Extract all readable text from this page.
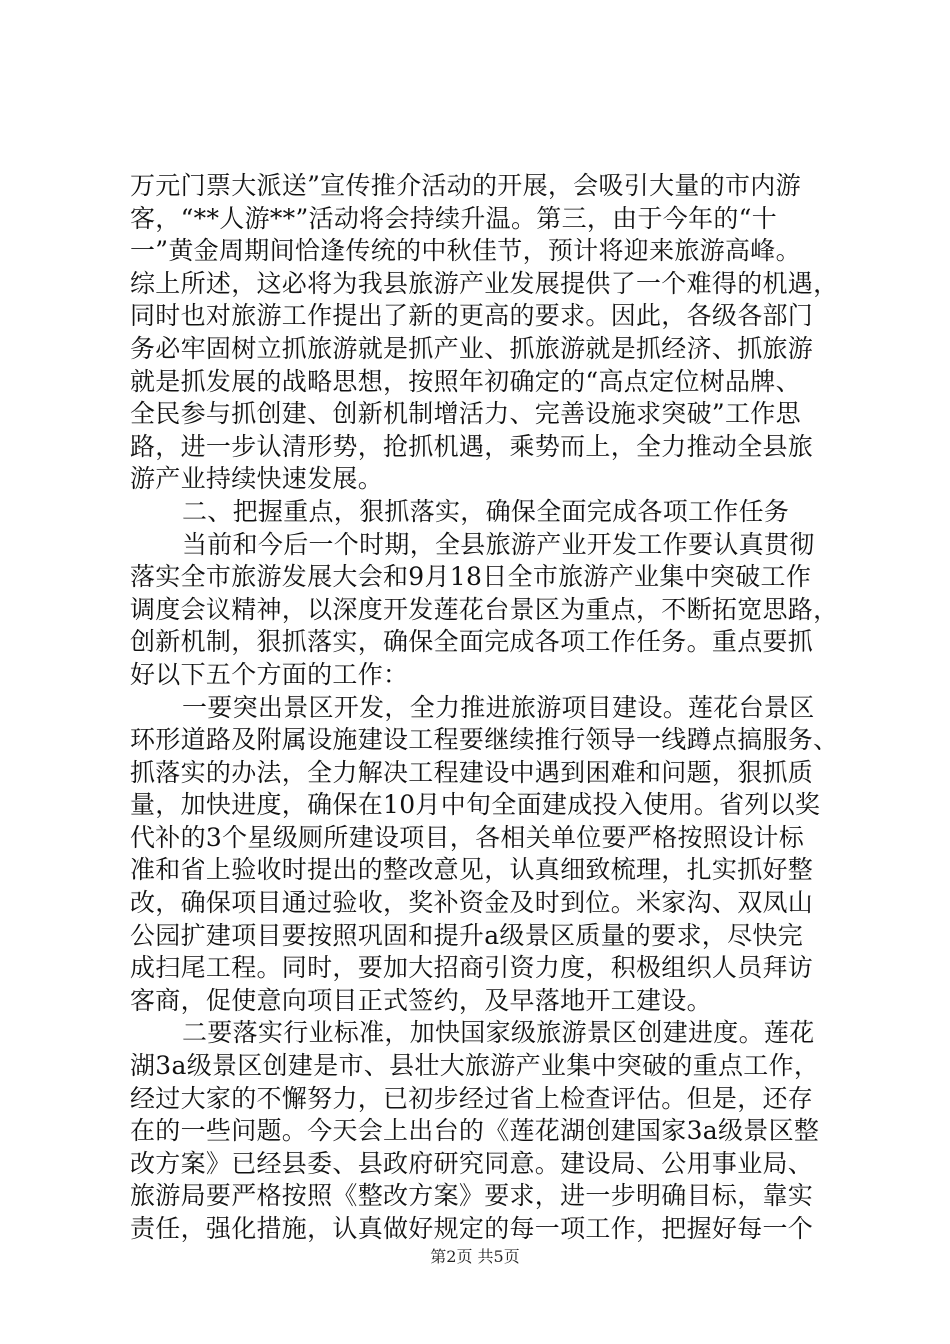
万元门票大派送”宣传推介活动的开展，会吸引大量的市内游
客，“**人游**”活动将会持续升温。第三，由于今年的“十
一”黄金周期间恰逢传统的中秋佳节，预计将迎来旅游高峰。
综上所述，这必将为我县旅游产业发展提供了一个难得的机遇，
同时也对旅游工作提出了新的更高的要求。因此，各级各部门
务必牢固树立抓旅游就是抓产业、抓旅游就是抓经济、抓旅游
就是抓发展的战略思想，按照年初确定的“高点定位树品牌、
全民参与抓创建、创新机制增活力、完善设施求突破”工作思
路，进一步认清形势，抢抓机遇，乘势而上，全力推动全县旅
游产业持续快速发展。
二、把握重点，狠抓落实，确保全面完成各项工作任务
当前和今后一个时期，全县旅游产业开发工作要认真贯彻
落实全市旅游发展大会和9月18日全市旅游产业集中突破工作
调度会议精神，以深度开发莲花台景区为重点，不断拓宽思路，
创新机制，狠抓落实，确保全面完成各项工作任务。重点要抓
好以下五个方面的工作：
一要突出景区开发，全力推进旅游项目建设。莲花台景区
环形道路及附属设施建设工程要继续推行领导一线蹲点搞服务、
抓落实的办法，全力解决工程建设中遇到困难和问题，狠抓质
量，加快进度，确保在10月中旬全面建成投入使用。省列以奖
代补的3个星级厕所建设项目，各相关单位要严格按照设计标
准和省上验收时提出的整改意见，认真细致梳理，扎实抓好整
改，确保项目通过验收，奖补资金及时到位。米家沟、双凤山
公园扩建项目要按照巩固和提升a级景区质量的要求，尽快完
成扫尾工程。同时，要加大招商引资力度，积极组织人员拜访
客商，促使意向项目正式签约，及早落地开工建设。
二要落实行业标准，加快国家级旅游景区创建进度。莲花
湖3a级景区创建是市、县壮大旅游产业集中突破的重点工作，
经过大家的不懈努力，已初步经过省上检查评估。但是，还存
在的一些问题。今天会上出台的《莲花湖创建国家3a级景区整
改方案》已经县委、县政府研究同意。建设局、公用事业局、
旅游局要严格按照《整改方案》要求，进一步明确目标，靠实
责任，强化措施，认真做好规定的每一项工作，把握好每一个
第2页 共5页
